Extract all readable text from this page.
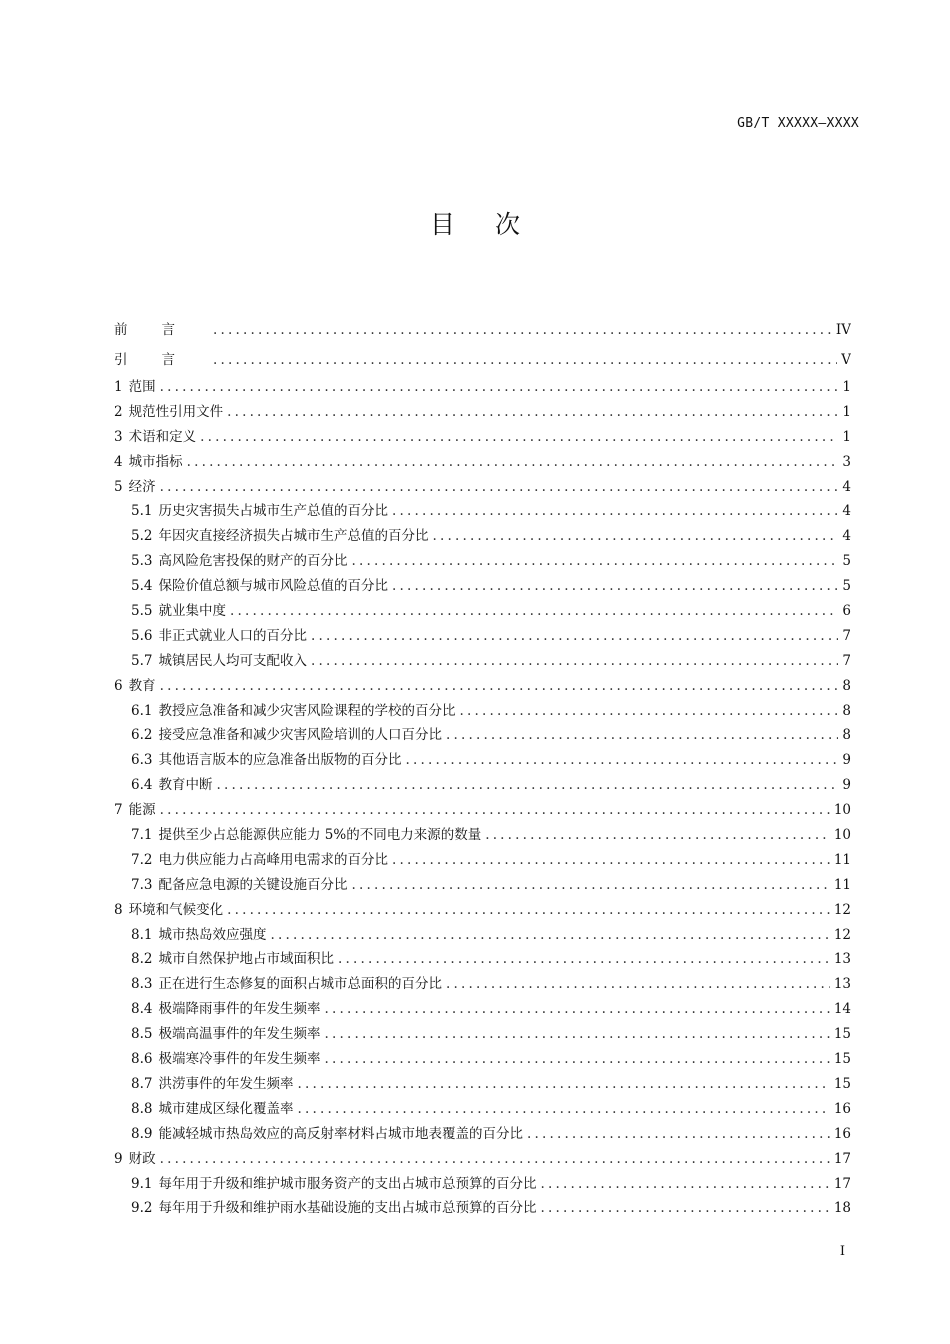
GB/T XXXXX—XXXX
目次
前言 .....	IV
引言 .....	V
1 范围 .....	1
2 规范性引用文件 .....	1
3 术语和定义 .....	1
4 城市指标 .....	3
5 经济 .....	4
5.1 历史灾害损失占城市生产总值的百分比 .....	4
5.2 年因灾直接经济损失占城市生产总值的百分比 .....	4
5.3 高风险危害投保的财产的百分比 .....	5
5.4 保险价值总额与城市风险总值的百分比 .....	5
5.5 就业集中度 .....	6
5.6 非正式就业人口的百分比 .....	7
5.7 城镇居民人均可支配收入 .....	7
6 教育 .....	8
6.1 教授应急准备和减少灾害风险课程的学校的百分比 .....	8
6.2 接受应急准备和减少灾害风险培训的人口百分比 .....	8
6.3 其他语言版本的应急准备出版物的百分比 .....	9
6.4 教育中断 .....	9
7 能源 .....	10
7.1 提供至少占总能源供应能力 5%的不同电力来源的数量 .....	10
7.2 电力供应能力占高峰用电需求的百分比 .....	11
7.3 配备应急电源的关键设施百分比 .....	11
8 环境和气候变化 .....	12
8.1 城市热岛效应强度 .....	12
8.2 城市自然保护地占市域面积比 .....	13
8.3 正在进行生态修复的面积占城市总面积的百分比 .....	13
8.4 极端降雨事件的年发生频率 .....	14
8.5 极端高温事件的年发生频率 .....	15
8.6 极端寒冷事件的年发生频率 .....	15
8.7 洪涝事件的年发生频率 .....	15
8.8 城市建成区绿化覆盖率 .....	16
8.9 能减轻城市热岛效应的高反射率材料占城市地表覆盖的百分比 .....	16
9 财政 .....	17
9.1 每年用于升级和维护城市服务资产的支出占城市总预算的百分比 .....	17
9.2 每年用于升级和维护雨水基础设施的支出占城市总预算的百分比 .....	18
I
